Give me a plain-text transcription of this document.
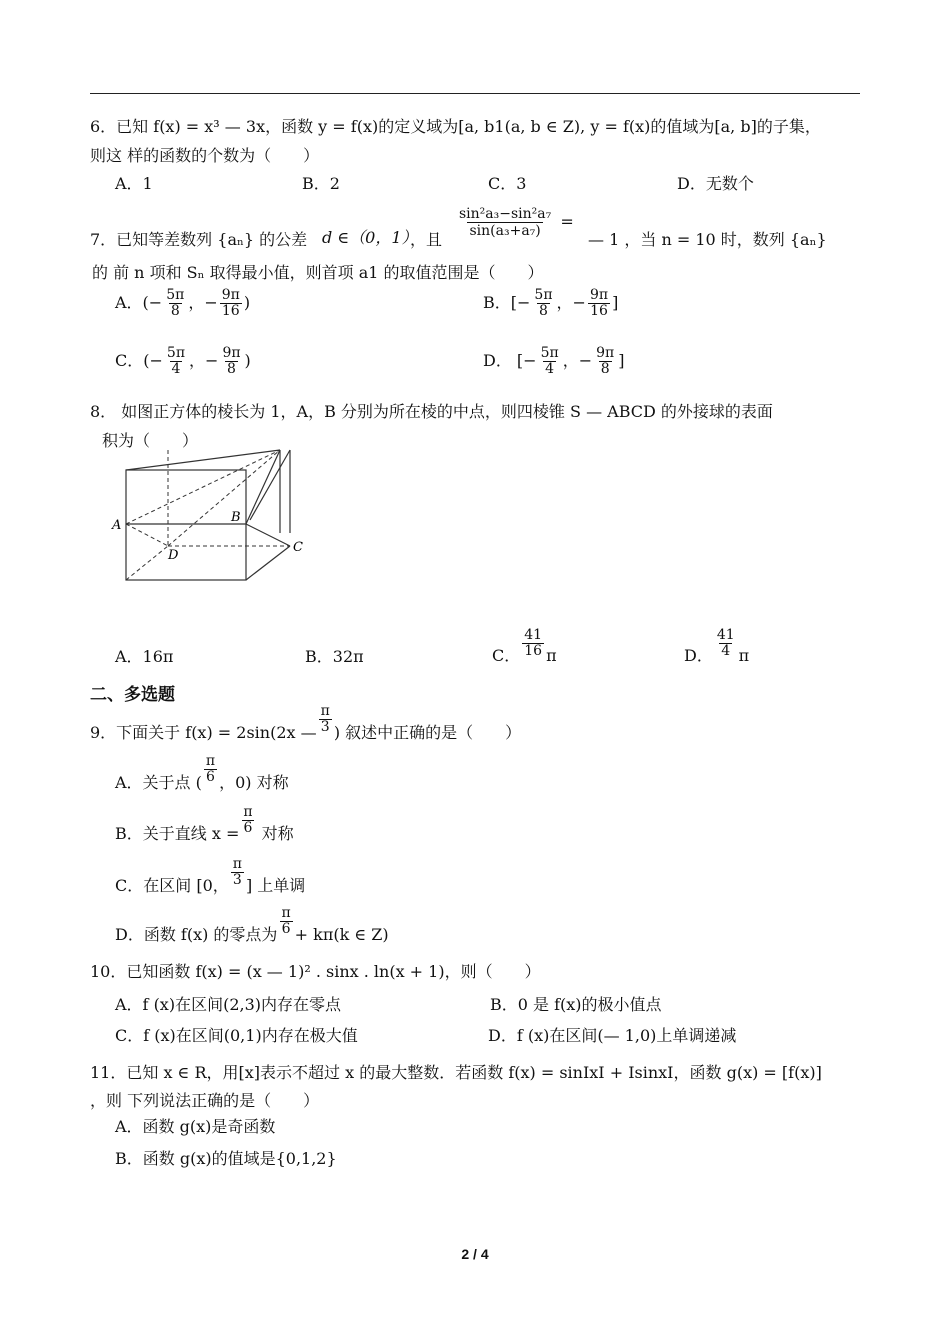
6．已知 f(x) = x³ — 3x，函数 y = f(x)的定义域为[a, b1(a, b ∈ Z), y = f(x)的值域为[a, b]的子集，
则这 样的函数的个数为（　　）
A．1	B．2	C．3	D．无数个
7．已知等差数列 {aₙ} 的公差 d ∈（0，1）
，且
$\frac{\text{sin²a₃−sin²a₇}}{\text{sin(a₃+a₇)}}$ =
— 1 ，当 n = 10 时，数列 {aₙ}
的 前 n 项和 Sₙ 取得最小值，则首项 a1 的取值范围是（　　）
A．(− $\frac{5\pi}{8}$ ，− $\frac{9\pi}{16}$ )	B．[− $\frac{5\pi}{8}$ ，− $\frac{9\pi}{16}$ ]
C．(− $\frac{5\pi}{4}$ ，− $\frac{9\pi}{8}$ )	D． [− $\frac{5\pi}{4}$ ，− $\frac{9\pi}{8}$ ]
8． 如图正方体的棱长为 1，A，B 分别为所在棱的中点，则四棱锥 S — ABCD 的外接球的表面
积为（　　）
A
B
C
D
A．16π	B．32π	C． $\frac{41}{16}$ π	D． $\frac{41}{4}$ π
二、多选题
9．下面关于 f(x) = 2sin(2x — $\frac{\pi}{3}$ ) 叙述中正确的是（　　）
A．关于点 ( $\frac{\pi}{6}$ ，0) 对称
B．关于直线 $x = \frac{\pi}{6}$ 对称
C．在区间 [0， $\frac{\pi}{3}$ ] 上单调
D．函数 f(x) 的零点为 $\frac{\pi}{6} + k\pi(k$ ∈ Z)
10．已知函数 f(x) = (x — 1)² . sinx . ln(x + 1)，则（　　）
A．f (x)在区间(2,3)内存在零点	B．0 是 f(x)的极小值点
C．f (x)在区间(0,1)内存在极大值	D．f (x)在区间(— 1,0)上单调递减
11．已知 x ∈ R，用[x]表示不超过 x 的最大整数．若函数 f(x) = sinIxI + IsinxI，函数 g(x) = [f(x)]
，则 下列说法正确的是（　　）
A．函数 g(x)是奇函数
B．函数 g(x)的值域是{0,1,2}
2 / 4
